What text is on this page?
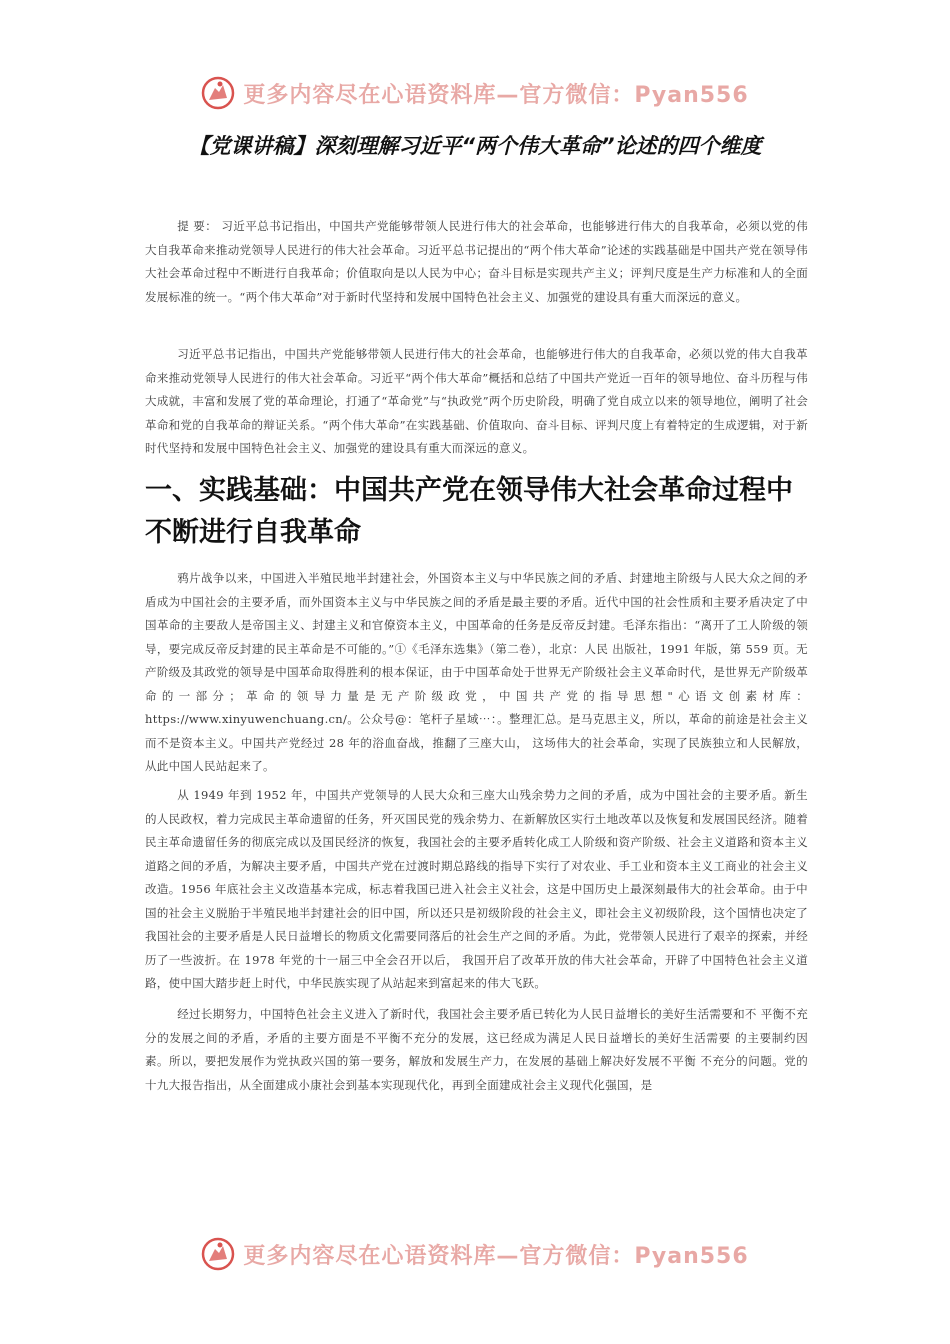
更多内容尽在心语资料库—官方微信：Pyan556
【党课讲稿】深刻理解习近平“两个伟大革命”论述的四个维度

提 要： 习近平总书记指出，中国共产党能够带领人民进行伟大的社会革命，也能够进行伟大的自我革命，必须以党的伟大自我革命来推动党领导人民进行的伟大社会革命。习近平总书记提出的“两个伟大革命”论述的实践基础是中国共产党在领导伟大社会革命过程中不断进行自我革命；价值取向是以人民为中心；奋斗目标是实现共产主义；评判尺度是生产力标准和人的全面发展标准的统一。“两个伟大革命”对于新时代坚持和发展中国特色社会主义、加强党的建设具有重大而深远的意义。

习近平总书记指出，中国共产党能够带领人民进行伟大的社会革命，也能够进行伟大的自我革命，必须以党的伟大自我革命来推动党领导人民进行的伟大社会革命。习近平“两个伟大革命”概括和总结了中国共产党近一百年的领导地位、奋斗历程与伟大成就，丰富和发展了党的革命理论，打通了“革命党”与“执政党”两个历史阶段，明确了党自成立以来的领导地位，阐明了社会革命和党的自我革命的辩证关系。“两个伟大革命”在实践基础、价值取向、奋斗目标、评判尺度上有着特定的生成逻辑，对于新时代坚持和发展中国特色社会主义、加强党的建设具有重大而深远的意义。

一、实践基础：中国共产党在领导伟大社会革命过程中不断进行自我革命

鸦片战争以来，中国进入半殖民地半封建社会，外国资本主义与中华民族之间的矛盾、封建地主阶级与人民大众之间的矛盾成为中国社会的主要矛盾，而外国资本主义与中华民族之间的矛盾是最主要的矛盾。近代中国的社会性质和主要矛盾决定了中国革命的主要敌人是帝国主义、封建主义和官僚资本主义，中国革命的任务是反帝反封建。毛泽东指出：“离开了工人阶级的领导，要完成反帝反封建的民主革命是不可能的。”①《毛泽东选集》（第二卷），北京：人民 出版社，1991 年版，第 559 页。无产阶级及其政党的领导是中国革命取得胜利的根本保证，由于中国革命处于世界无产阶级社会主义革命时代，是世界无产阶级革命的一部分；革命的领导力量是无产阶级政党，中国共产党的指导思想"心语文创素材库：https://www.xinyuwenchuang.cn/。公众号@：笔杆子星域⋯：。整理汇总。是马克思主义，所以，革命的前途是社会主义而不是资本主义。中国共产党经过 28 年的浴血奋战，推翻了三座大山， 这场伟大的社会革命，实现了民族独立和人民解放，从此中国人民站起来了。

从 1949 年到 1952 年，中国共产党领导的人民大众和三座大山残余势力之间的矛盾，成为中国社会的主要矛盾。新生的人民政权，着力完成民主革命遗留的任务，歼灭国民党的残余势力、在新解放区实行土地改革以及恢复和发展国民经济。随着民主革命遗留任务的彻底完成以及国民经济的恢复，我国社会的主要矛盾转化成工人阶级和资产阶级、社会主义道路和资本主义道路之间的矛盾，为解决主要矛盾，中国共产党在过渡时期总路线的指导下实行了对农业、手工业和资本主义工商业的社会主义改造。1956 年底社会主义改造基本完成，标志着我国已进入社会主义社会，这是中国历史上最深刻最伟大的社会革命。由于中国的社会主义脱胎于半殖民地半封建社会的旧中国，所以还只是初级阶段的社会主义，即社会主义初级阶段，这个国情也决定了我国社会的主要矛盾是人民日益增长的物质文化需要同落后的社会生产之间的矛盾。为此，党带领人民进行了艰辛的探索，并经历了一些波折。在 1978 年党的十一届三中全会召开以后， 我国开启了改革开放的伟大社会革命，开辟了中国特色社会主义道路，使中国大踏步赶上时代，中华民族实现了从站起来到富起来的伟大飞跃。

经过长期努力，中国特色社会主义进入了新时代，我国社会主要矛盾已转化为人民日益增长的美好生活需要和不 平衡不充分的发展之间的矛盾，矛盾的主要方面是不平衡不充分的发展，这已经成为满足人民日益增长的美好生活需要 的主要制约因素。所以，要把发展作为党执政兴国的第一要务，解放和发展生产力，在发展的基础上解决好发展不平衡 不充分的问题。党的十九大报告指出，从全面建成小康社会到基本实现现代化，再到全面建成社会主义现代化强国，是

更多内容尽在心语资料库—官方微信：Pyan556
